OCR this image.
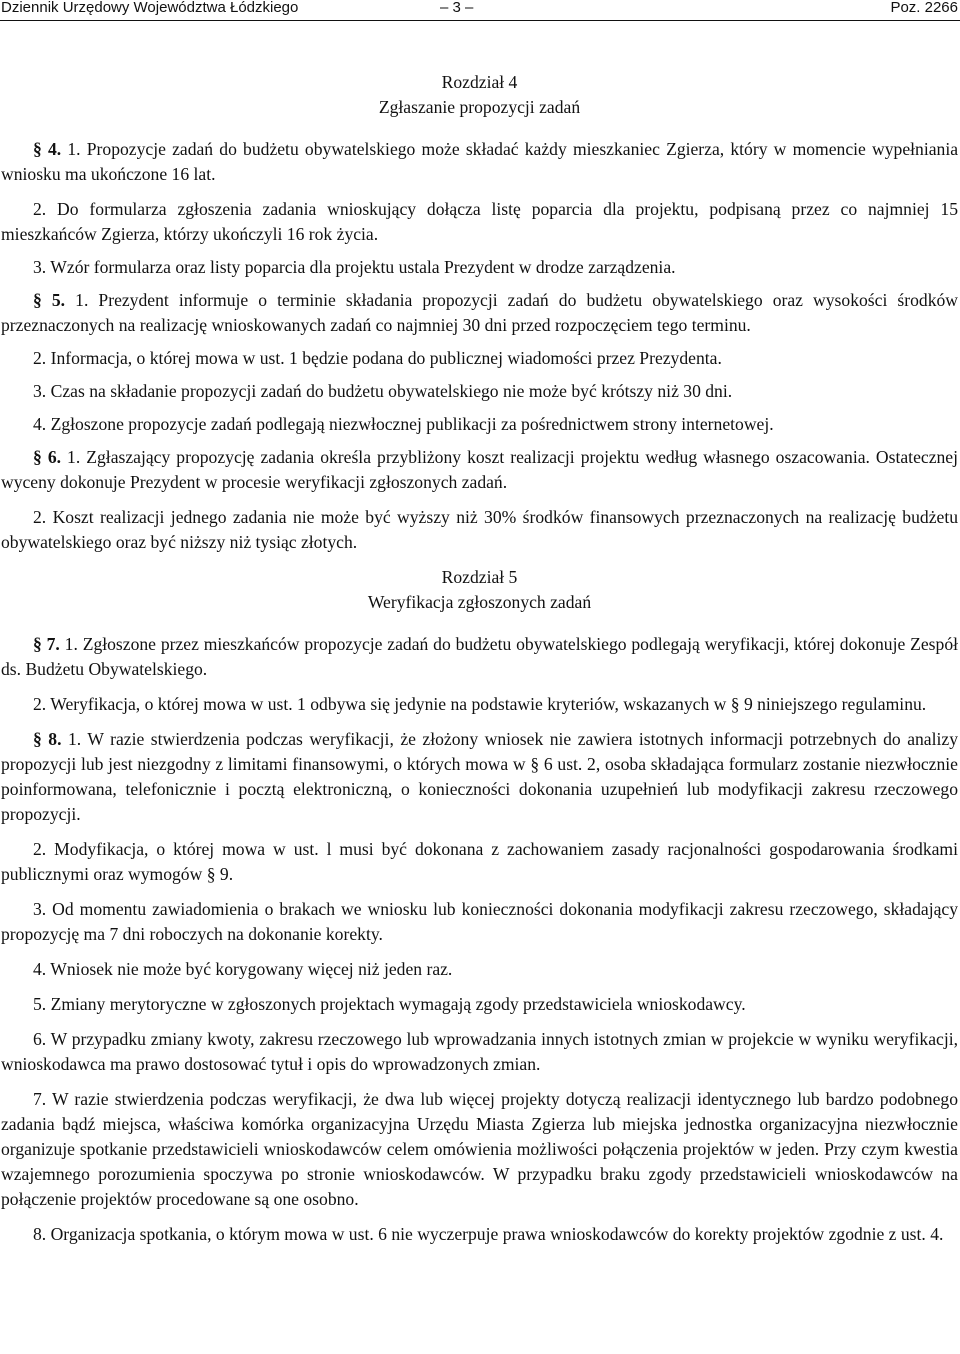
Dziennik Urzędowy Województwa Łódzkiego	– 3 –	Poz. 2266
Rozdział 4
Zgłaszanie propozycji zadań

§ 4. 1. Propozycje zadań do budżetu obywatelskiego może składać każdy mieszkaniec Zgierza, który w momencie wypełniania wniosku ma ukończone 16 lat.

2. Do formularza zgłoszenia zadania wnioskujący dołącza listę poparcia dla projektu, podpisaną przez co najmniej 15 mieszkańców Zgierza, którzy ukończyli 16 rok życia.

3. Wzór formularza oraz listy poparcia dla projektu ustala Prezydent w drodze zarządzenia.

§ 5. 1. Prezydent informuje o terminie składania propozycji zadań do budżetu obywatelskiego oraz wysokości środków przeznaczonych na realizację wnioskowanych zadań co najmniej 30 dni przed rozpoczęciem tego terminu.

2. Informacja, o której mowa w ust. 1 będzie podana do publicznej wiadomości przez Prezydenta.

3. Czas na składanie propozycji zadań do budżetu obywatelskiego nie może być krótszy niż 30 dni.

4. Zgłoszone propozycje zadań podlegają niezwłocznej publikacji za pośrednictwem strony internetowej.

§ 6. 1. Zgłaszający propozycję zadania określa przybliżony koszt realizacji projektu według własnego oszacowania. Ostatecznej wyceny dokonuje Prezydent w procesie weryfikacji zgłoszonych zadań.

2. Koszt realizacji jednego zadania nie może być wyższy niż 30% środków finansowych przeznaczonych na realizację budżetu obywatelskiego oraz być niższy niż tysiąc złotych.

Rozdział 5
Weryfikacja zgłoszonych zadań

§ 7. 1. Zgłoszone przez mieszkańców propozycje zadań do budżetu obywatelskiego podlegają weryfikacji, której dokonuje Zespół ds. Budżetu Obywatelskiego.

2. Weryfikacja, o której mowa w ust. 1 odbywa się jedynie na podstawie kryteriów, wskazanych w § 9 niniejszego regulaminu.

§ 8. 1. W razie stwierdzenia podczas weryfikacji, że złożony wniosek nie zawiera istotnych informacji potrzebnych do analizy propozycji lub jest niezgodny z limitami finansowymi, o których mowa w § 6 ust. 2, osoba składająca formularz zostanie niezwłocznie poinformowana, telefonicznie i pocztą elektroniczną, o konieczności dokonania uzupełnień lub modyfikacji zakresu rzeczowego propozycji.

2. Modyfikacja, o której mowa w ust. l musi być dokonana z zachowaniem zasady racjonalności gospodarowania środkami publicznymi oraz wymogów § 9.

3. Od momentu zawiadomienia o brakach we wniosku lub konieczności dokonania modyfikacji zakresu rzeczowego, składający propozycję ma 7 dni roboczych na dokonanie korekty.

4. Wniosek nie może być korygowany więcej niż jeden raz.

5. Zmiany merytoryczne w zgłoszonych projektach wymagają zgody przedstawiciela wnioskodawcy.

6. W przypadku zmiany kwoty, zakresu rzeczowego lub wprowadzania innych istotnych zmian w projekcie w wyniku weryfikacji, wnioskodawca ma prawo dostosować tytuł i opis do wprowadzonych zmian.

7. W razie stwierdzenia podczas weryfikacji, że dwa lub więcej projekty dotyczą realizacji identycznego lub bardzo podobnego zadania bądź miejsca, właściwa komórka organizacyjna Urzędu Miasta Zgierza lub miejska jednostka organizacyjna niezwłocznie organizuje spotkanie przedstawicieli wnioskodawców celem omówienia możliwości połączenia projektów w jeden. Przy czym kwestia wzajemnego porozumienia spoczywa po stronie wnioskodawców. W przypadku braku zgody przedstawicieli wnioskodawców na połączenie projektów procedowane są one osobno.

8. Organizacja spotkania, o którym mowa w ust. 6 nie wyczerpuje prawa wnioskodawców do korekty projektów zgodnie z ust. 4.
